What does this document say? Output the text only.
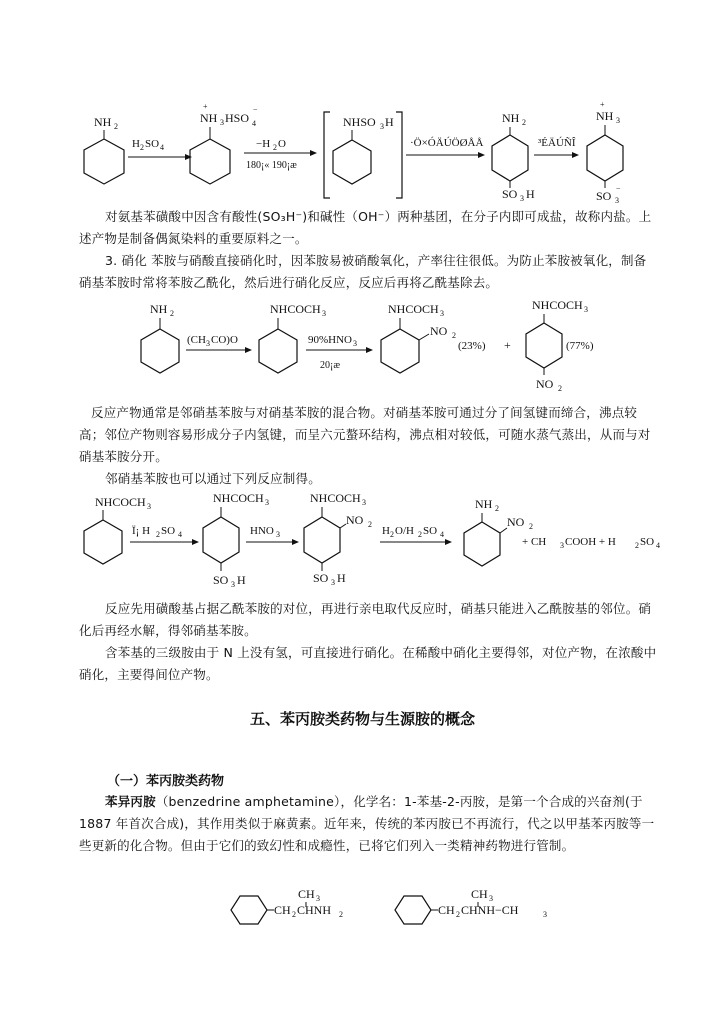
NH 2
H 2 SO 4
+
NH 3 HSO 4
−
−H 2 O
180¡« 190¡æ
NHSO 3 H
·Ö×ÓÄÚÖØÅÅ
NH 2
SO 3 H
³ÉÄÚÑÎ
+
NH 3
SO 3
−
对氨基苯磺酸中因含有酸性(SO₃H⁻)和碱性（OH⁻）两种基团，在分子内即可成盐，故称内盐。上述产物是制备偶氮染料的重要原料之一。
3. 硝化 苯胺与硝酸直接硝化时，因苯胺易被硝酸氧化，产率往往很低。为防止苯胺被氧化，制备硝基苯胺时常将苯胺乙酰化，然后进行硝化反应，反应后再将乙酰基除去。
NH 2
(CH 3 CO)O
NHCOCH 3
90%HNO 3
20¡æ
NHCOCH 3
NO 2
(23%) +
NHCOCH 3
NO 2
(77%)
反应产物通常是邻硝基苯胺与对硝基苯胺的混合物。对硝基苯胺可通过分了间氢键而缔合，沸点较高；邻位产物则容易形成分子内氢键，而呈六元螯环结构，沸点相对较低，可随水蒸气蒸出，从而与对硝基苯胺分开。
邻硝基苯胺也可以通过下列反应制得。
NHCOCH 3
Ï¡ H 2 SO 4
NHCOCH 3
SO 3 H
HNO 3
NHCOCH 3
NO 2
SO 3 H
H 2 O/H 2 SO 4
NH 2
NO 2
+ CH 3 COOH + H 2 SO 4
反应先用磺酸基占据乙酰苯胺的对位，再进行亲电取代反应时，硝基只能进入乙酰胺基的邻位。硝化后再经水解，得邻硝基苯胺。
含苯基的三级胺由于 N 上没有氢，可直接进行硝化。在稀酸中硝化主要得邻，对位产物，在浓酸中硝化，主要得间位产物。
五、苯丙胺类药物与生源胺的概念
（一）苯丙胺类药物
苯异丙胺（benzedrine amphetamine），化学名：1-苯基-2-丙胺，是第一个合成的兴奋剂(于 1887 年首次合成)，其作用类似于麻黄素。近年来，传统的苯丙胺已不再流行，代之以甲基苯丙胺等一些更新的化合物。但由于它们的致幻性和成瘾性，已将它们列入一类精神药物进行管制。
CH 3
CH 2 CHNH 2
CH 3
CH 2 CHNH−CH	3
